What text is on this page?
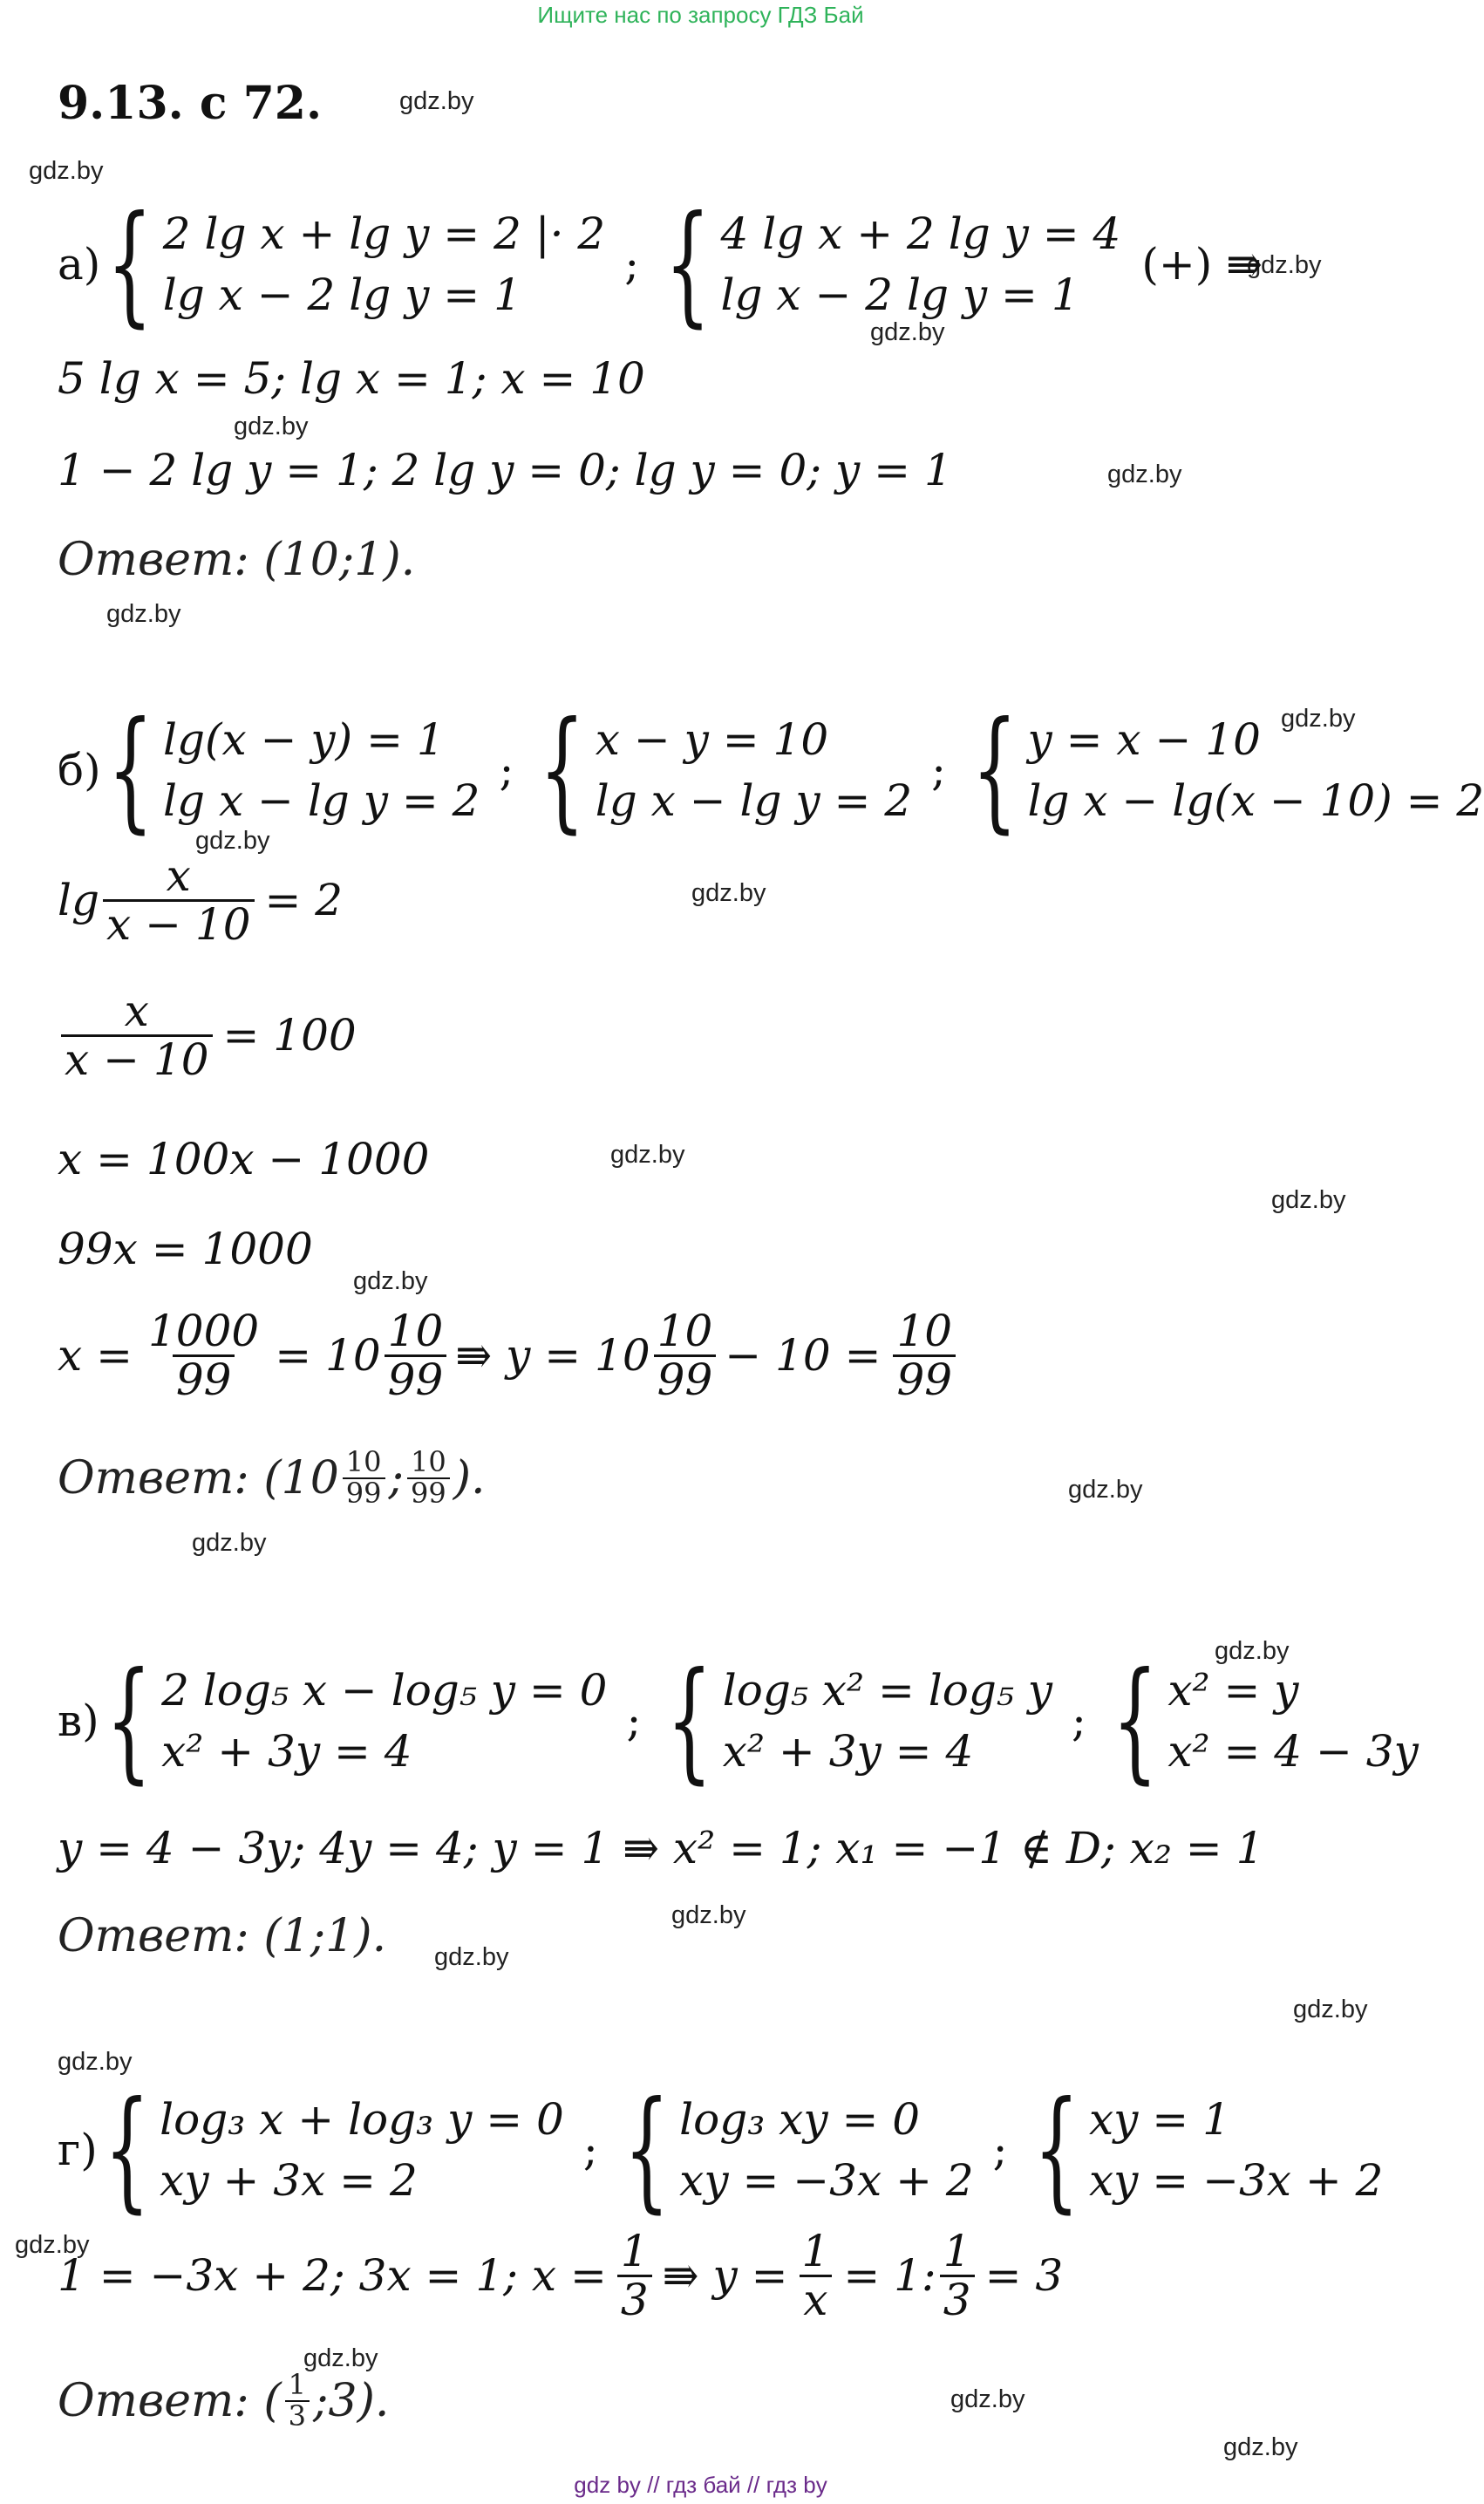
Ищите нас по запросу ГДЗ Бай
9.13. с 72.	gdz.by
gdz.by
gdz.by
gdz.by
gdz.by
gdz.by
gdz.by
gdz.by
gdz.by
gdz.by
gdz.by
gdz.by
gdz.by
gdz.by
gdz.by
gdz.by
gdz.by
gdz.by
gdz.by
gdz.by
gdz.by
gdz.by
gdz.by
gdz.by
а) { 2 lg x + lg y = 2 |· 2
lg x − 2 lg y = 1
; { 4 lg x + 2 lg y = 4
lg x − 2 lg y = 1
(+) ⇛
5 lg x = 5; lg x = 1; x = 10
1 − 2 lg y = 1; 2 lg y = 0; lg y = 0; y = 1
Ответ: (10;1).
б) { lg(x − y) = 1
lg x − lg y = 2
; { x − y = 10
lg x − lg y = 2
; { y = x − 10
lg x − lg(x − 10) = 2
$\lg \frac{x}{x - 10} = 2$
$\frac{x}{x - 10} = 100$
x = 100x − 1000
99x = 1000
$x = \frac{1000}{99} = 10 \frac{10}{99}$ ⇛ $y = 10 \frac{10}{99} - 10 = \frac{10}{99}$
Ответ: ($10 \frac{10}{99}$ ; $\frac{10}{99}$ ).
в) { 2 log₅ x − log₅ y = 0
x² + 3y = 4
; { log₅ x² = log₅ y
x² + 3y = 4
; { x² = y
x² = 4 − 3y
y = 4 − 3y; 4y = 4; y = 1 ⇛ x² = 1; x₁ = −1 ∉ D; x₂ = 1
Ответ: (1;1).
г) { log₃ x + log₃ y = 0
xy + 3x = 2
; { log₃ xy = 0
xy = −3x + 2
; { xy = 1
xy = −3x + 2
1 = −3x + 2; 3x = 1; $x = \frac{1}{3}$ ⇛ $y = \frac{1}{x} = 1$: $\frac{1}{3} = 3$
Ответ: ( $\frac{1}{3}$ ;3).
gdz by // гдз бай // гдз by
